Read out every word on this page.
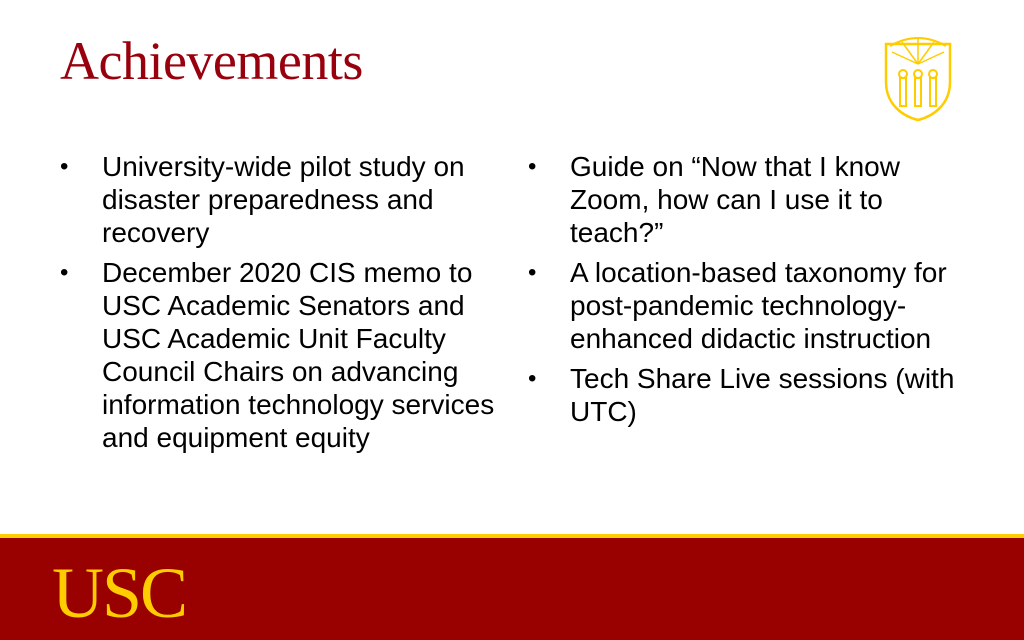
Achievements
• University-wide pilot study on disaster preparedness and recovery
• December 2020 CIS memo to USC Academic Senators and USC Academic Unit Faculty Council Chairs on advancing information technology services and equipment equity
• Guide on “Now that I know Zoom, how can I use it to teach?”
• A location-based taxonomy for post-pandemic technology-enhanced didactic instruction
• Tech Share Live sessions (with UTC)
USC
